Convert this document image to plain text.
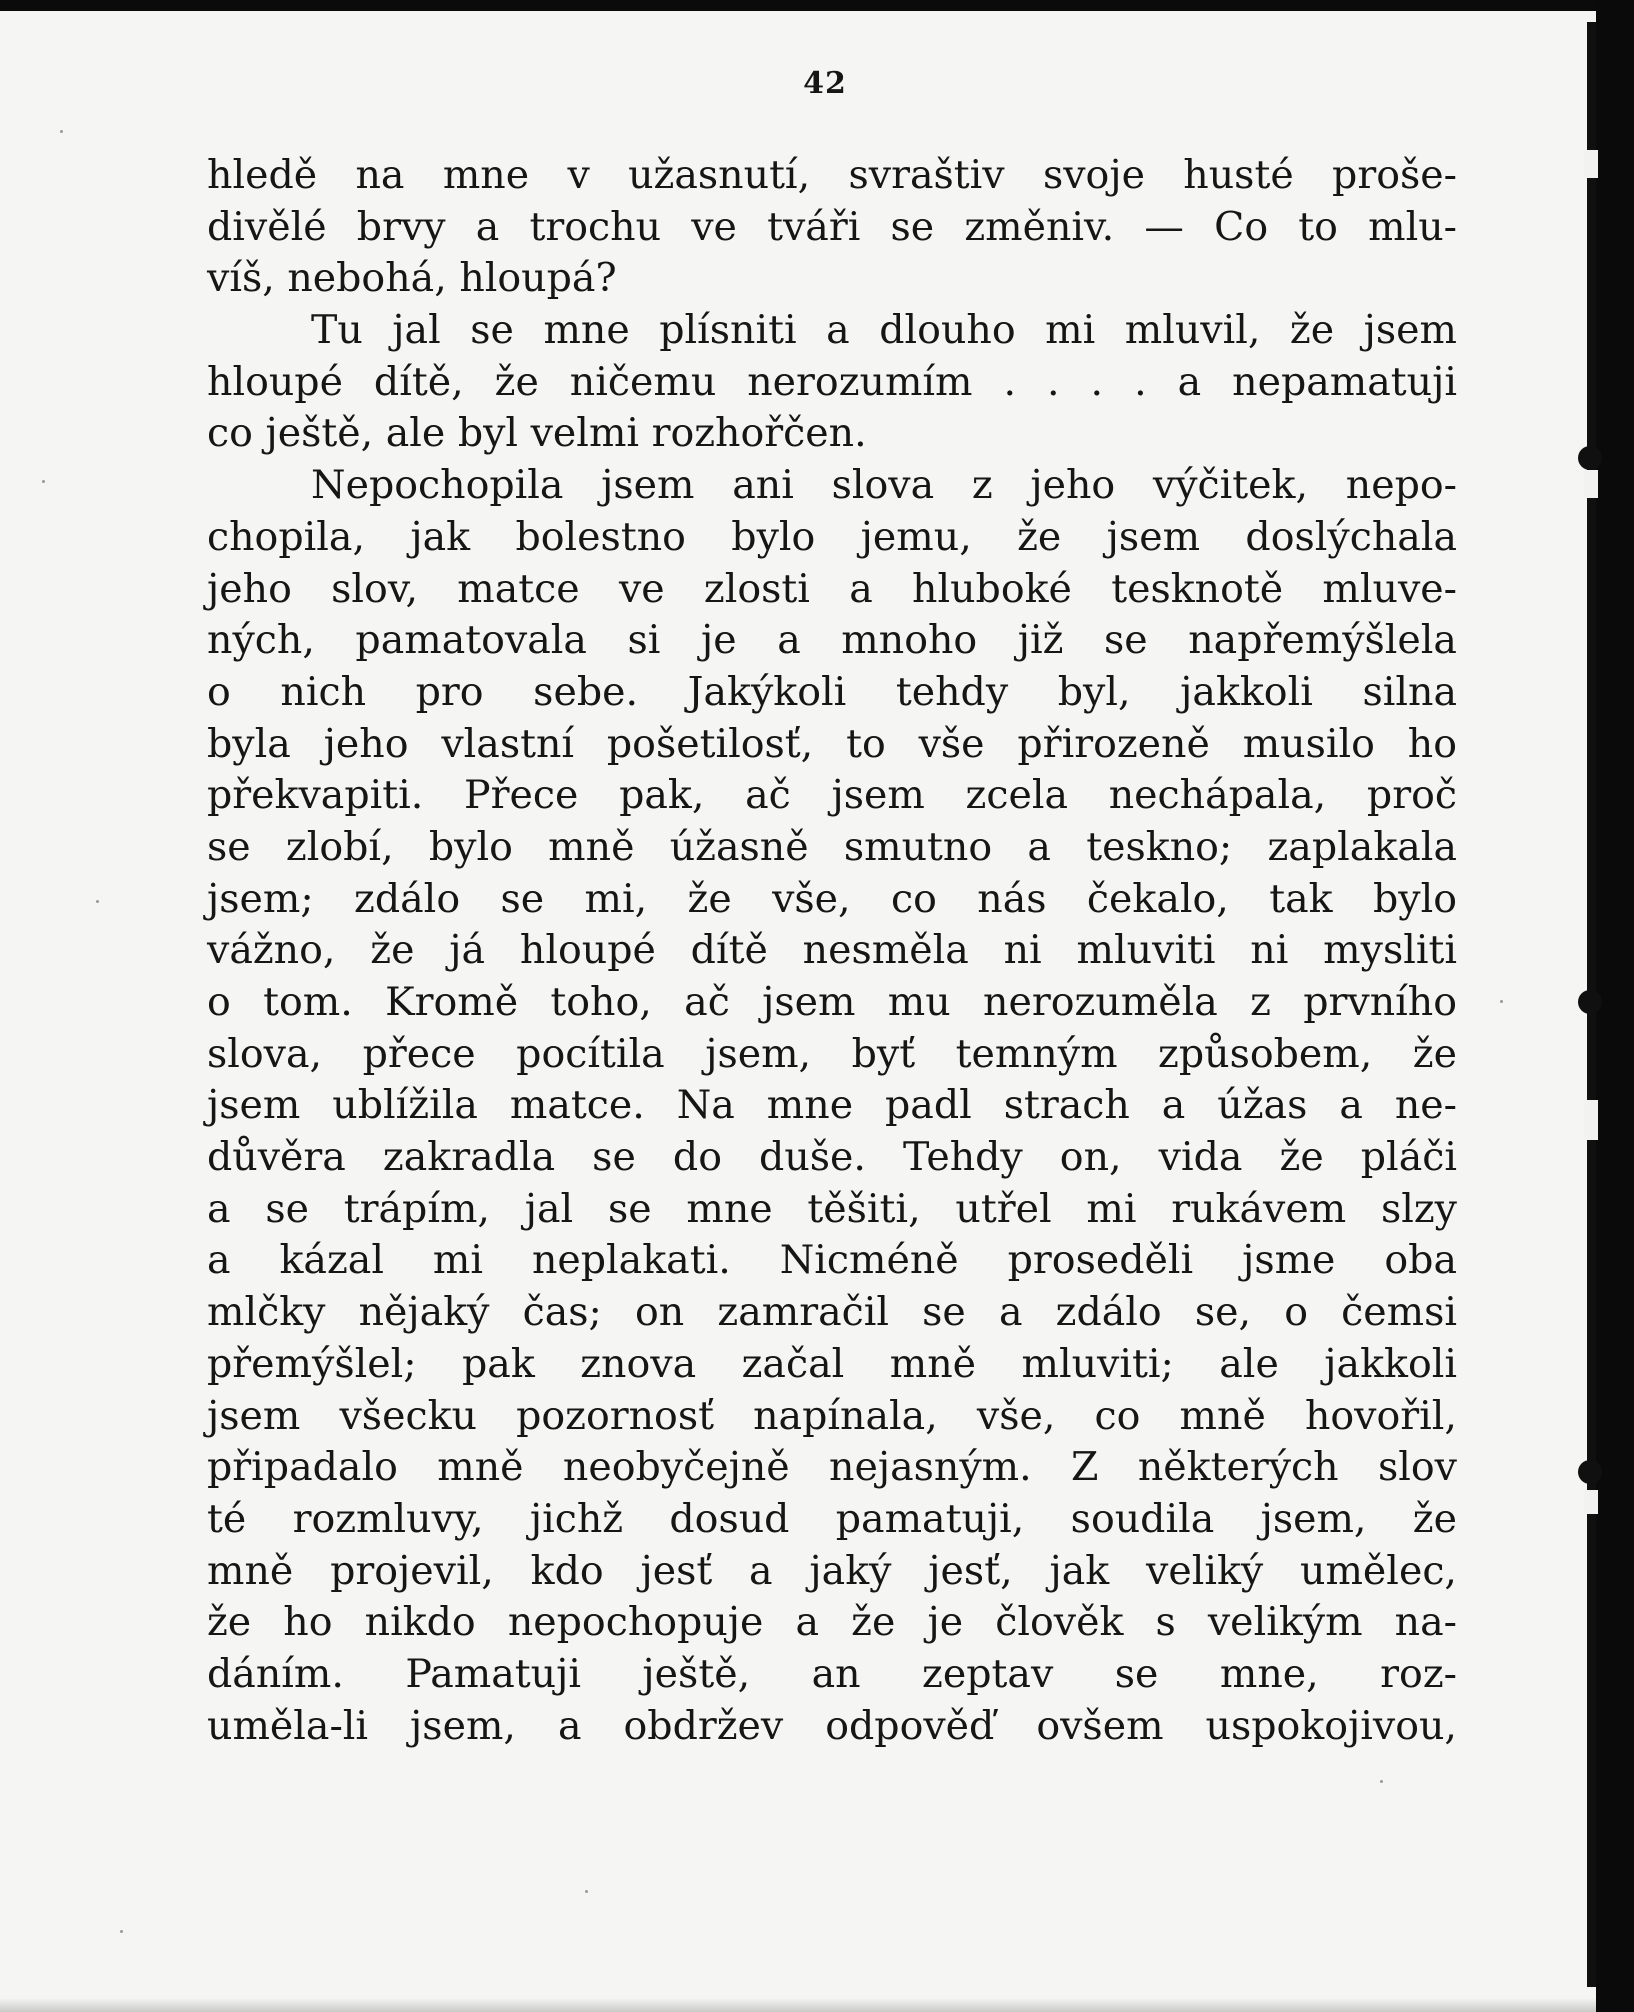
42
hledě na mne v užasnutí, svraštiv svoje husté proše-
divělé brvy a trochu ve tváři se změniv. — Co to mlu-
víš, nebohá, hloupá?
Tu jal se mne plísniti a dlouho mi mluvil, že jsem
hloupé dítě, že ničemu nerozumím . . . . a nepamatuji
co ještě, ale byl velmi rozhořčen.
Nepochopila jsem ani slova z jeho výčitek, nepo-
chopila, jak bolestno bylo jemu, že jsem doslýchala
jeho slov, matce ve zlosti a hluboké tesknotě mluve-
ných, pamatovala si je a mnoho již se napřemýšlela
o nich pro sebe. Jakýkoli tehdy byl, jakkoli silna
byla jeho vlastní pošetilosť, to vše přirozeně musilo ho
překvapiti. Přece pak, ač jsem zcela nechápala, proč
se zlobí, bylo mně úžasně smutno a teskno; zaplakala
jsem; zdálo se mi, že vše, co nás čekalo, tak bylo
vážno, že já hloupé dítě nesměla ni mluviti ni mysliti
o tom. Kromě toho, ač jsem mu nerozuměla z prvního
slova, přece pocítila jsem, byť temným způsobem, že
jsem ublížila matce. Na mne padl strach a úžas a ne-
důvěra zakradla se do duše. Tehdy on, vida že pláči
a se trápím, jal se mne těšiti, utřel mi rukávem slzy
a kázal mi neplakati. Nicméně proseděli jsme oba
mlčky nějaký čas; on zamračil se a zdálo se, o čemsi
přemýšlel; pak znova začal mně mluviti; ale jakkoli
jsem všecku pozornosť napínala, vše, co mně hovořil,
připadalo mně neobyčejně nejasným. Z některých slov
té rozmluvy, jichž dosud pamatuji, soudila jsem, že
mně projevil, kdo jesť a jaký jesť, jak veliký umělec,
že ho nikdo nepochopuje a že je člověk s velikým na-
dáním. Pamatuji ještě, an zeptav se mne, roz-
uměla-li jsem, a obdržev odpověď ovšem uspokojivou,
